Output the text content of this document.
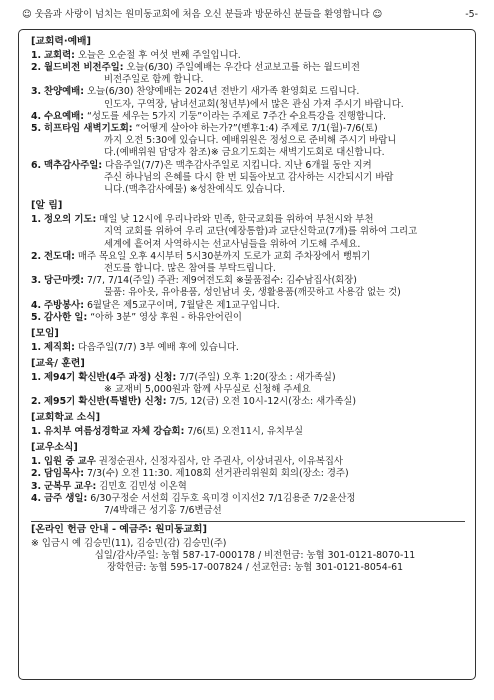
☺ 웃음과 사랑이 넘치는 원미동교회에 처음 오신 분들과 방문하신 분들을 환영합니다 ☺	-5-
[교회력·예배]
1. 교회력: 오늘은 오순절 후 여섯 번째 주일입니다.

2. 월드비전 비전주일: 오늘(6/30) 주일예배는 우간다 선교보고를 하는 월드비전

비전주일로 함께 합니다.

3. 찬양예배: 오늘(6/30) 찬양예배는 2024년 전반기 새가족 환영회로 드립니다.

인도자, 구역장, 남녀선교회(청년부)에서 많은 관심 가져 주시기 바랍니다.

4. 수요예배: “성도를 세우는 5가지 기둥”이라는 주제로 7주간 수요특강을 진행합니다.

5. 히프타임 새벽기도회: “어떻게 살아야 하는가?”(벧후1:4) 주제로 7/1(월)-7/6(토)

까지 오전 5:30에 있습니다. 예배위원은 정성으로 준비해 주시기 바랍니

다.(예배위원 담당자 참조)※ 금요기도회는 새벽기도회로 대신합니다.

6. 맥추감사주일: 다음주일(7/7)은 맥추감사주일로 지킵니다. 지난 6개월 동안 지켜

주신 하나님의 은혜를 다시 한 번 되돌아보고 감사하는 시간되시기 바랍

니다.(맥추감사예물) ※성찬예식도 있습니다.

[알 림]
1. 정오의 기도: 매일 낮 12시에 우리나라와 민족, 한국교회를 위하여 부천시와 부천

지역 교회를 위하여 우리 교단(예장통합)과 교단신학교(7개)를 위하여 그리고

세계에 흩어져 사역하시는 선교사님들을 위하여 기도해 주세요.

2. 전도대: 매주 목요일 오후 4시부터 5시30분까지 도로가 교회 주차장에서 뻥튀기

전도를 합니다. 많은 참여를 부탁드립니다.

3. 당근마켓: 7/7, 7/14(주일) 주관: 제9여전도회 ※물품접수: 김수남집사(회장)

물품: 유아옷, 유아용품, 성인남녀 옷, 생활용품(깨끗하고 사용감 없는 것)

4. 주방봉사: 6월달은 제5교구이며, 7월달은 제1교구입니다.

5. 감사한 일: “아하 3분” 영상 후원 - 하유안어린이

[모임]
1. 제직회: 다음주일(7/7) 3부 예배 후에 있습니다.

[교육/ 훈련]
1. 제94기 확신반(4주 과정) 신청: 7/7(주일) 오후 1:20(장소 : 새가족실)

※ 교재비 5,000원과 함께 사무실로 신청해 주세요

2. 제95기 확신반(특별반) 신청: 7/5, 12(금) 오전 10시-12시(장소: 새가족실)

[교회학교 소식]
1. 유치부 여름성경학교 자체 강습회: 7/6(토) 오전11시, 유치부실

[교우소식]
1. 입원 중 교우 권정순권사, 신정자집사, 안 주권사, 이상녀권사, 이유복집사

2. 담임목사: 7/3(수) 오전 11:30. 제108회 선거관리위원회 회의(장소: 경주)

3. 군복무 교우: 김민호 김민성 이온혁

4. 금주 생일: 6/30구정순 서선희 김두호 육미경 이지선2 7/1김용준 7/2윤산정

7/4박래근 성기홍 7/6변금선

[온라인 헌금 안내 - 예금주: 원미동교회]
※ 입금시 예 김승민(11), 김승민(감) 김승민(주)
십일/감사/주일: 농협 587-17-000178 / 비전헌금: 농협 301-0121-8070-11
장학헌금: 농협 595-17-007824 / 선교헌금: 농협 301-0121-8054-61
